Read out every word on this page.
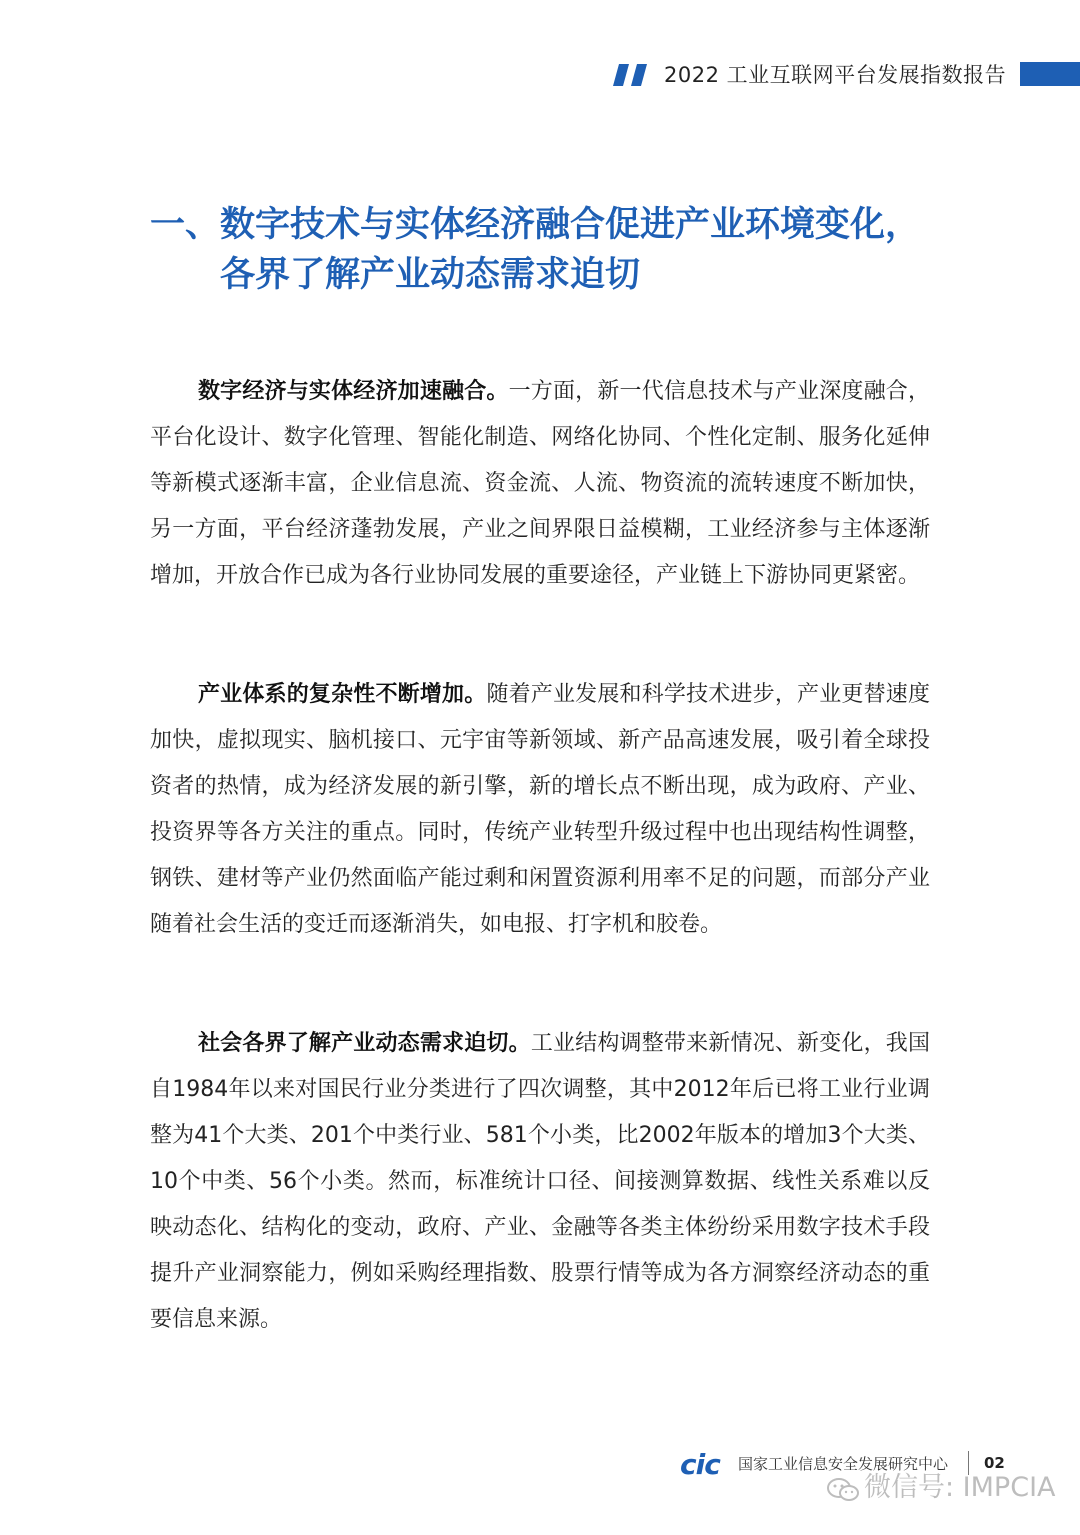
2022 工业互联网平台发展指数报告
一、 数字技术与实体经济融合促进产业环境变化，各界了解产业动态需求迫切

数字经济与实体经济加速融合。一方面，新一代信息技术与产业深度融合，平台化设计、数字化管理、智能化制造、网络化协同、个性化定制、服务化延伸等新模式逐渐丰富，企业信息流、资金流、人流、物资流的流转速度不断加快，另一方面，平台经济蓬勃发展，产业之间界限日益模糊，工业经济参与主体逐渐增加，开放合作已成为各行业协同发展的重要途径，产业链上下游协同更紧密。

产业体系的复杂性不断增加。随着产业发展和科学技术进步，产业更替速度加快，虚拟现实、脑机接口、元宇宙等新领域、新产品高速发展，吸引着全球投资者的热情，成为经济发展的新引擎，新的增长点不断出现，成为政府、产业、投资界等各方关注的重点。同时，传统产业转型升级过程中也出现结构性调整，钢铁、建材等产业仍然面临产能过剩和闲置资源利用率不足的问题，而部分产业随着社会生活的变迁而逐渐消失，如电报、打字机和胶卷。

社会各界了解产业动态需求迫切。工业结构调整带来新情况、新变化，我国自1984年以来对国民行业分类进行了四次调整，其中2012年后已将工业行业调整为41个大类、201个中类行业、581个小类，比2002年版本的增加3个大类、10个中类、56个小类。然而，标准统计口径、间接测算数据、线性关系难以反映动态化、结构化的变动，政府、产业、金融等各类主体纷纷采用数字技术手段提升产业洞察能力，例如采购经理指数、股票行情等成为各方洞察经济动态的重要信息来源。

cic 国家工业信息安全发展研究中心 02
微信号: IMPCIA
